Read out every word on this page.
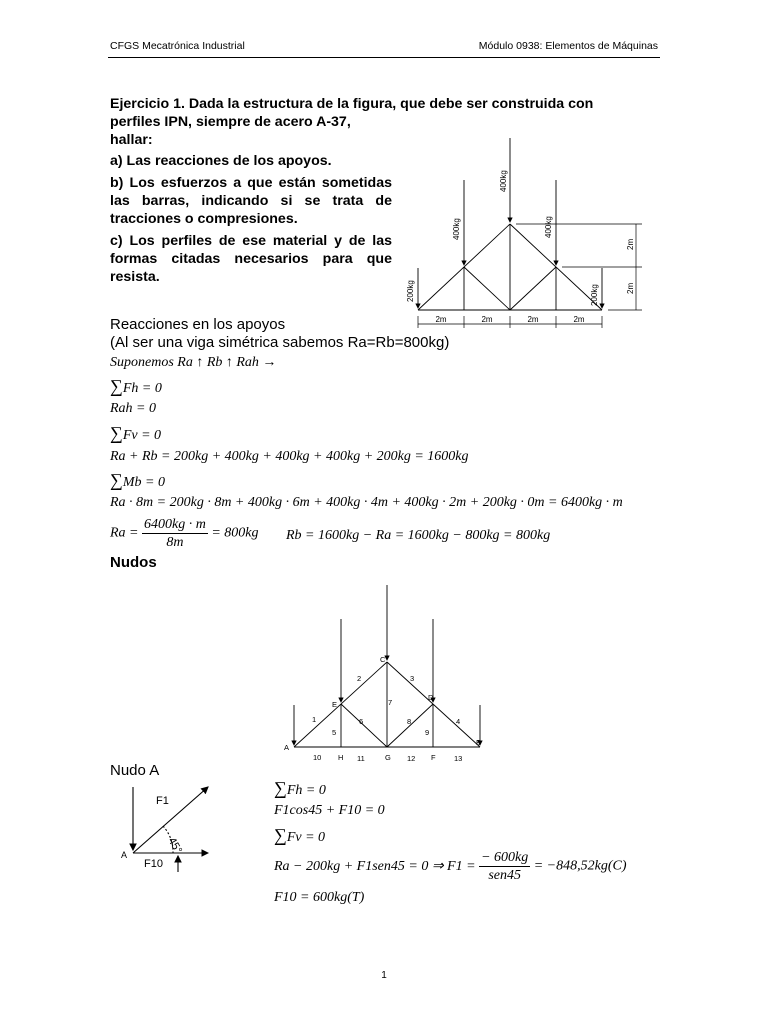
CFGS Mecatrónica Industrial	Módulo 0938: Elementos de Máquinas
Ejercicio 1. Dada la estructura de la figura, que debe ser construida con
perfiles IPN, siempre de acero A-37,
hallar:
a) Las reacciones de los apoyos.
b) Los esfuerzos a que están sometidas las barras, indicando si se trata de tracciones o compresiones.
c) Los perfiles de ese material y de las formas citadas necesarios para que resista.
200kg
400kg
400kg
400kg
200kg
2m	2m	2m	2m
2m
2m
Reacciones en los apoyos
(Al ser una viga simétrica sabemos Ra=Rb=800kg)
Suponemos Ra ↑ Rb ↑ Rah →
∑Fh = 0
Rah = 0
∑Fv = 0
Ra + Rb = 200kg + 400kg + 400kg + 400kg + 200kg = 1600kg
∑Mb = 0
Ra · 8m = 200kg · 8m + 400kg · 6m + 400kg · 4m + 400kg · 2m + 200kg · 0m = 6400kg · m
$Ra = \frac{6400kg \cdot m}{8m} = 800kg$ Rb = 1600kg − Ra = 1600kg − 800kg = 800kg
Nudos
A
E
C
D
B
H	G	F
1
2	3
4
5
6
7
8
9
10	11	12	13
Nudo A
F1
F10
A	45°
∑Fh = 0
F1cos45 + F10 = 0
∑Fv = 0
Ra − 200kg + F1sen45 = 0 ⇒ $F1 = \frac{- 600kg}{\text{sen45}} = -848,52kg(C)$
F10 = 600kg(T)
1
